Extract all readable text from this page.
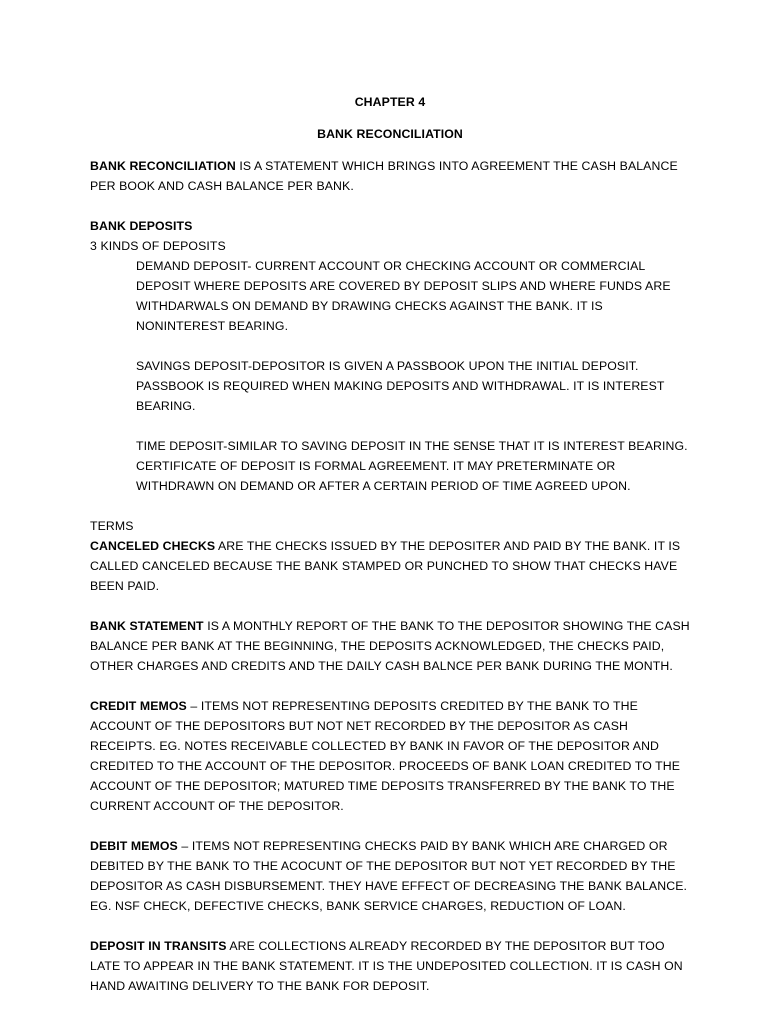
CHAPTER 4
BANK RECONCILIATION

BANK RECONCILIATION IS A STATEMENT WHICH BRINGS INTO AGREEMENT THE CASH BALANCE PER BOOK AND CASH BALANCE PER BANK.

BANK DEPOSITS
3 KINDS OF DEPOSITS

DEMAND DEPOSIT- CURRENT ACCOUNT OR CHECKING ACCOUNT OR COMMERCIAL DEPOSIT WHERE DEPOSITS ARE COVERED BY DEPOSIT SLIPS AND WHERE FUNDS ARE WITHDARWALS ON DEMAND BY DRAWING CHECKS AGAINST THE BANK. IT IS NONINTEREST BEARING.

SAVINGS DEPOSIT-DEPOSITOR IS GIVEN A PASSBOOK UPON THE INITIAL DEPOSIT. PASSBOOK IS REQUIRED WHEN MAKING DEPOSITS AND WITHDRAWAL. IT IS INTEREST BEARING.

TIME DEPOSIT-SIMILAR TO SAVING DEPOSIT IN THE SENSE THAT IT IS INTEREST BEARING. CERTIFICATE OF DEPOSIT IS FORMAL AGREEMENT. IT MAY PRETERMINATE OR WITHDRAWN ON DEMAND OR AFTER A CERTAIN PERIOD OF TIME AGREED UPON.

TERMS

CANCELED CHECKS ARE THE CHECKS ISSUED BY THE DEPOSITER AND PAID BY THE BANK. IT IS CALLED CANCELED BECAUSE THE BANK STAMPED OR PUNCHED TO SHOW THAT CHECKS HAVE BEEN PAID.

BANK STATEMENT IS A MONTHLY REPORT OF THE BANK TO THE DEPOSITOR SHOWING THE CASH BALANCE PER BANK AT THE BEGINNING, THE DEPOSITS ACKNOWLEDGED, THE CHECKS PAID, OTHER CHARGES AND CREDITS AND THE DAILY CASH BALNCE PER BANK DURING THE MONTH.

CREDIT MEMOS – ITEMS NOT REPRESENTING DEPOSITS CREDITED BY THE BANK TO THE ACCOUNT OF THE DEPOSITORS BUT NOT NET RECORDED BY THE DEPOSITOR AS CASH RECEIPTS. EG. NOTES RECEIVABLE COLLECTED BY BANK IN FAVOR OF THE DEPOSITOR AND CREDITED TO THE ACCOUNT OF THE DEPOSITOR. PROCEEDS OF BANK LOAN CREDITED TO THE ACCOUNT OF THE DEPOSITOR; MATURED TIME DEPOSITS TRANSFERRED BY THE BANK TO THE CURRENT ACCOUNT OF THE DEPOSITOR.

DEBIT MEMOS – ITEMS NOT REPRESENTING CHECKS PAID BY BANK WHICH ARE CHARGED OR DEBITED BY THE BANK TO THE ACOCUNT OF THE DEPOSITOR BUT NOT YET RECORDED BY THE DEPOSITOR AS CASH DISBURSEMENT. THEY HAVE EFFECT OF DECREASING THE BANK BALANCE. EG. NSF CHECK, DEFECTIVE CHECKS, BANK SERVICE CHARGES, REDUCTION OF LOAN.

DEPOSIT IN TRANSITS ARE COLLECTIONS ALREADY RECORDED BY THE DEPOSITOR BUT TOO LATE TO APPEAR IN THE BANK STATEMENT. IT IS THE UNDEPOSITED COLLECTION. IT IS CASH ON HAND AWAITING DELIVERY TO THE BANK FOR DEPOSIT.
